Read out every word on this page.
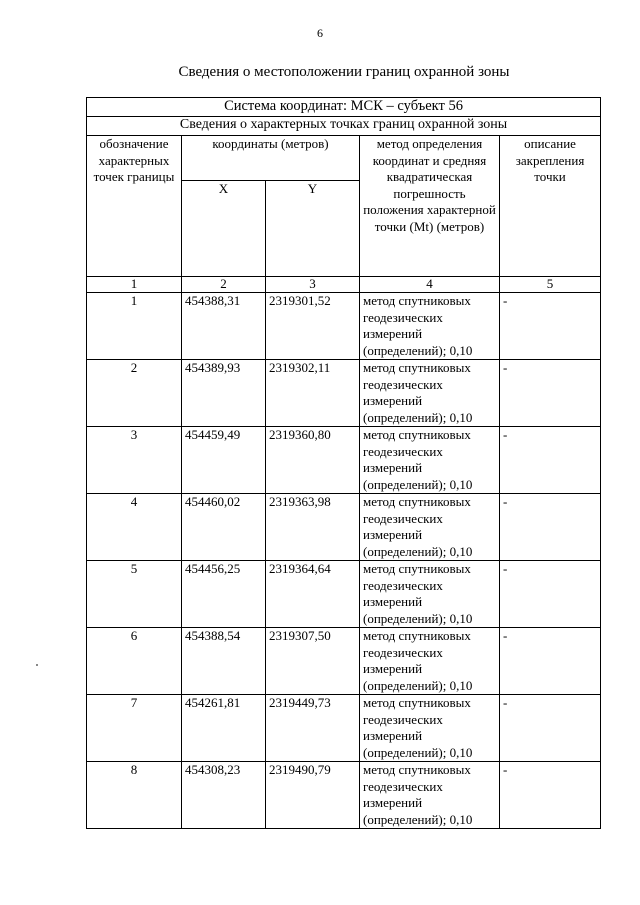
6
Сведения о местоположении границ охранной зоны
Система координат: МСК – субъект 56				
Сведения о характерных точках границ охранной зоны				
обозначение характерных точек границы	координаты (метров)		метод определения координат и средняя квадратическая погрешность положения характерной точки (Mt) (метров)	описание закрепления точки
	X	Y		
1	2	3	4	5
1	454388,31	2319301,52	метод спутниковых геодезических измерений (определений); 0,10	-
2	454389,93	2319302,11	метод спутниковых геодезических измерений (определений); 0,10	-
3	454459,49	2319360,80	метод спутниковых геодезических измерений (определений); 0,10	-
4	454460,02	2319363,98	метод спутниковых геодезических измерений (определений); 0,10	-
5	454456,25	2319364,64	метод спутниковых геодезических измерений (определений); 0,10	-
6	454388,54	2319307,50	метод спутниковых геодезических измерений (определений); 0,10	-
7	454261,81	2319449,73	метод спутниковых геодезических измерений (определений); 0,10	-
8	454308,23	2319490,79	метод спутниковых геодезических измерений (определений); 0,10	-
